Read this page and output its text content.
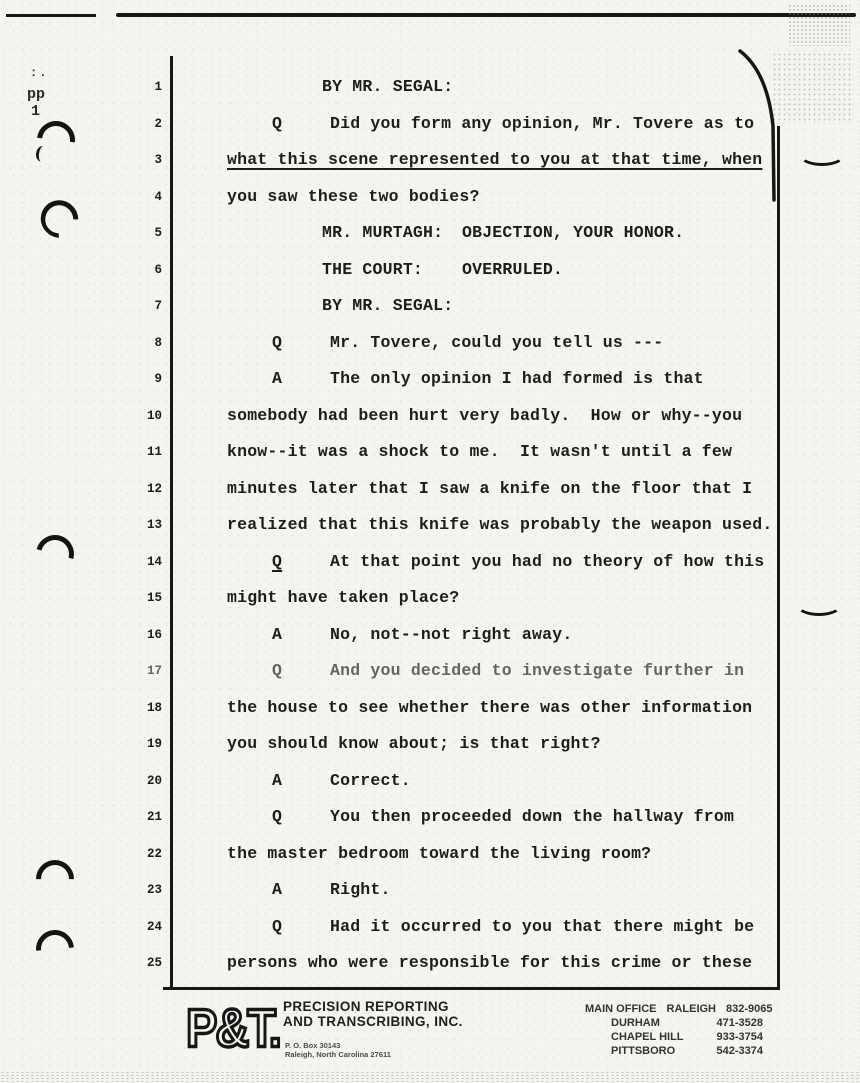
:.
pp
1
1	BY MR. SEGAL:
2	Q	Did you form any opinion, Mr. Tovere as to
3	what this scene represented to you at that time, when
4	you saw these two bodies?
5	MR. MURTAGH: OBJECTION, YOUR HONOR.
6	THE COURT: OVERRULED.
7	BY MR. SEGAL:
8	Q	Mr. Tovere, could you tell us ---
9	A	The only opinion I had formed is that
10	somebody had been hurt very badly.  How or why--you
11	know--it was a shock to me.  It wasn't until a few
12	minutes later that I saw a knife on the floor that I
13	realized that this knife was probably the weapon used.
14	Q	At that point you had no theory of how this
15	might have taken place?
16	A	No, not--not right away.
17	Q	And you decided to investigate further in
18	the house to see whether there was other information
19	you should know about; is that right?
20	A	Correct.
21	Q	You then proceeded down the hallway from
22	the master bedroom toward the living room?
23	A	Right.
24	Q	Had it occurred to you that there might be
25	persons who were responsible for this crime or these
P&T. PRECISION REPORTING
AND TRANSCRIBING, INC.
P. O. Box 30143
Raleigh, North Carolina 27611
MAIN OFFICE RALEIGH 832-9065
DURHAM	471-3528
CHAPEL HILL	933-3754
PITTSBORO	542-3374
